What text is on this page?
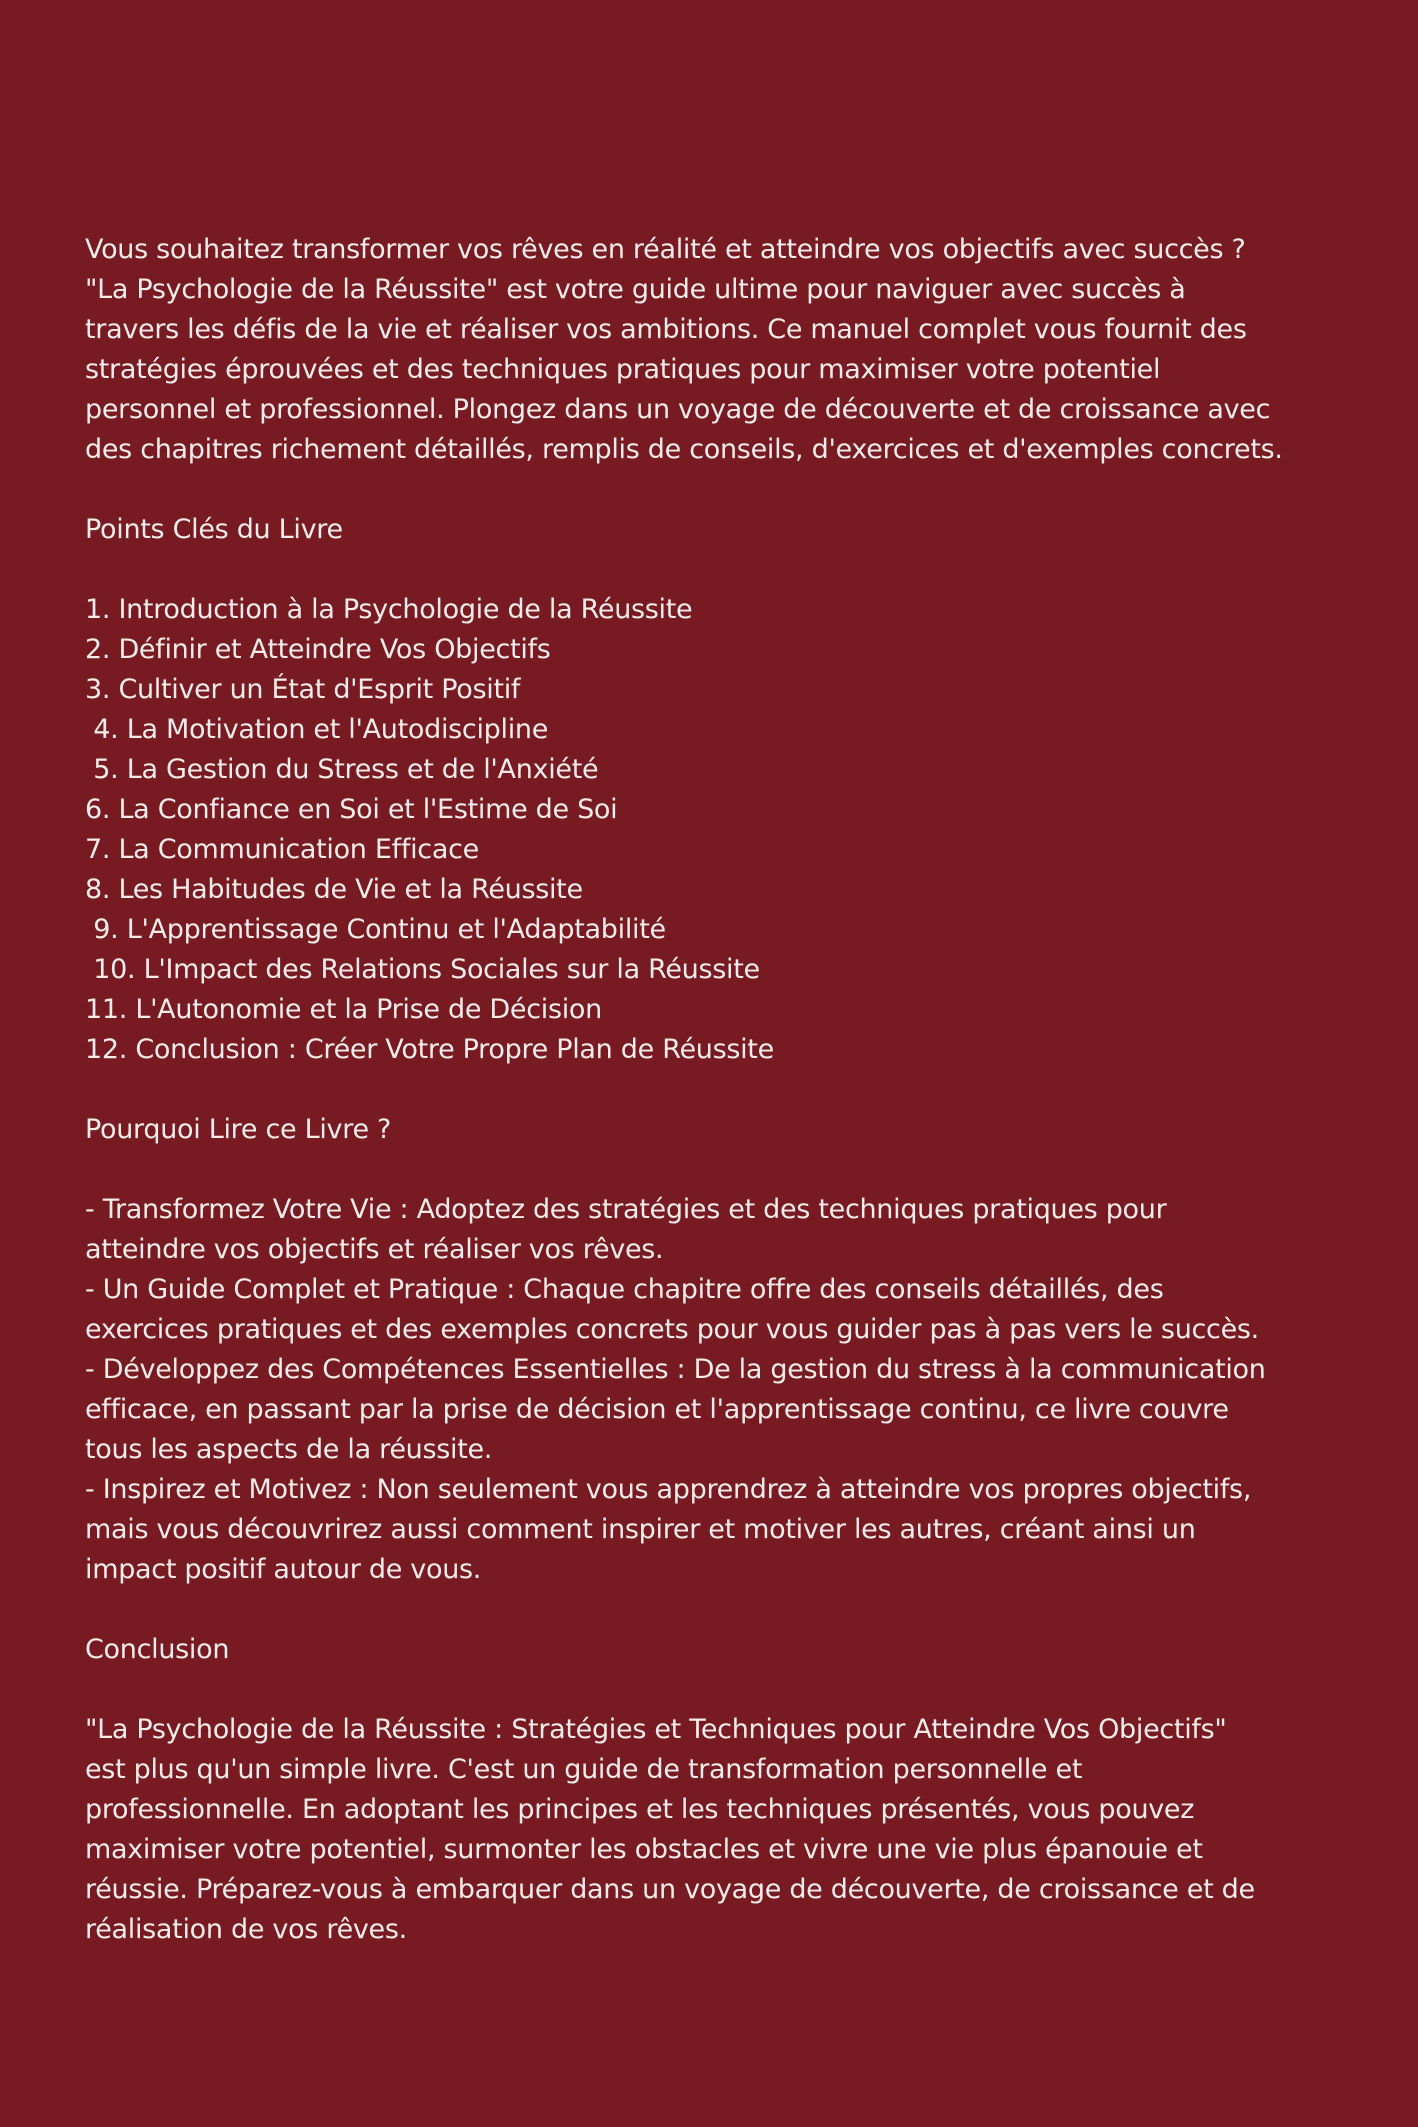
Vous souhaitez transformer vos rêves en réalité et atteindre vos objectifs avec succès ?

"La Psychologie de la Réussite" est votre guide ultime pour naviguer avec succès à

travers les défis de la vie et réaliser vos ambitions. Ce manuel complet vous fournit des

stratégies éprouvées et des techniques pratiques pour maximiser votre potentiel

personnel et professionnel. Plongez dans un voyage de découverte et de croissance avec

des chapitres richement détaillés, remplis de conseils, d'exercices et d'exemples concrets.

Points Clés du Livre
1. Introduction à la Psychologie de la Réussite
2. Définir et Atteindre Vos Objectifs
3. Cultiver un État d'Esprit Positif
4. La Motivation et l'Autodiscipline
5. La Gestion du Stress et de l'Anxiété
6. La Confiance en Soi et l'Estime de Soi
7. La Communication Efficace
8. Les Habitudes de Vie et la Réussite
9. L'Apprentissage Continu et l'Adaptabilité
10. L'Impact des Relations Sociales sur la Réussite
11. L'Autonomie et la Prise de Décision
12. Conclusion : Créer Votre Propre Plan de Réussite
Pourquoi Lire ce Livre ?

- Transformez Votre Vie : Adoptez des stratégies et des techniques pratiques pour

atteindre vos objectifs et réaliser vos rêves.

- Un Guide Complet et Pratique : Chaque chapitre offre des conseils détaillés, des

exercices pratiques et des exemples concrets pour vous guider pas à pas vers le succès.

- Développez des Compétences Essentielles : De la gestion du stress à la communication

efficace, en passant par la prise de décision et l'apprentissage continu, ce livre couvre

tous les aspects de la réussite.

- Inspirez et Motivez : Non seulement vous apprendrez à atteindre vos propres objectifs,

mais vous découvrirez aussi comment inspirer et motiver les autres, créant ainsi un

impact positif autour de vous.

Conclusion

"La Psychologie de la Réussite : Stratégies et Techniques pour Atteindre Vos Objectifs"

est plus qu'un simple livre. C'est un guide de transformation personnelle et

professionnelle. En adoptant les principes et les techniques présentés, vous pouvez

maximiser votre potentiel, surmonter les obstacles et vivre une vie plus épanouie et

réussie. Préparez-vous à embarquer dans un voyage de découverte, de croissance et de

réalisation de vos rêves.
